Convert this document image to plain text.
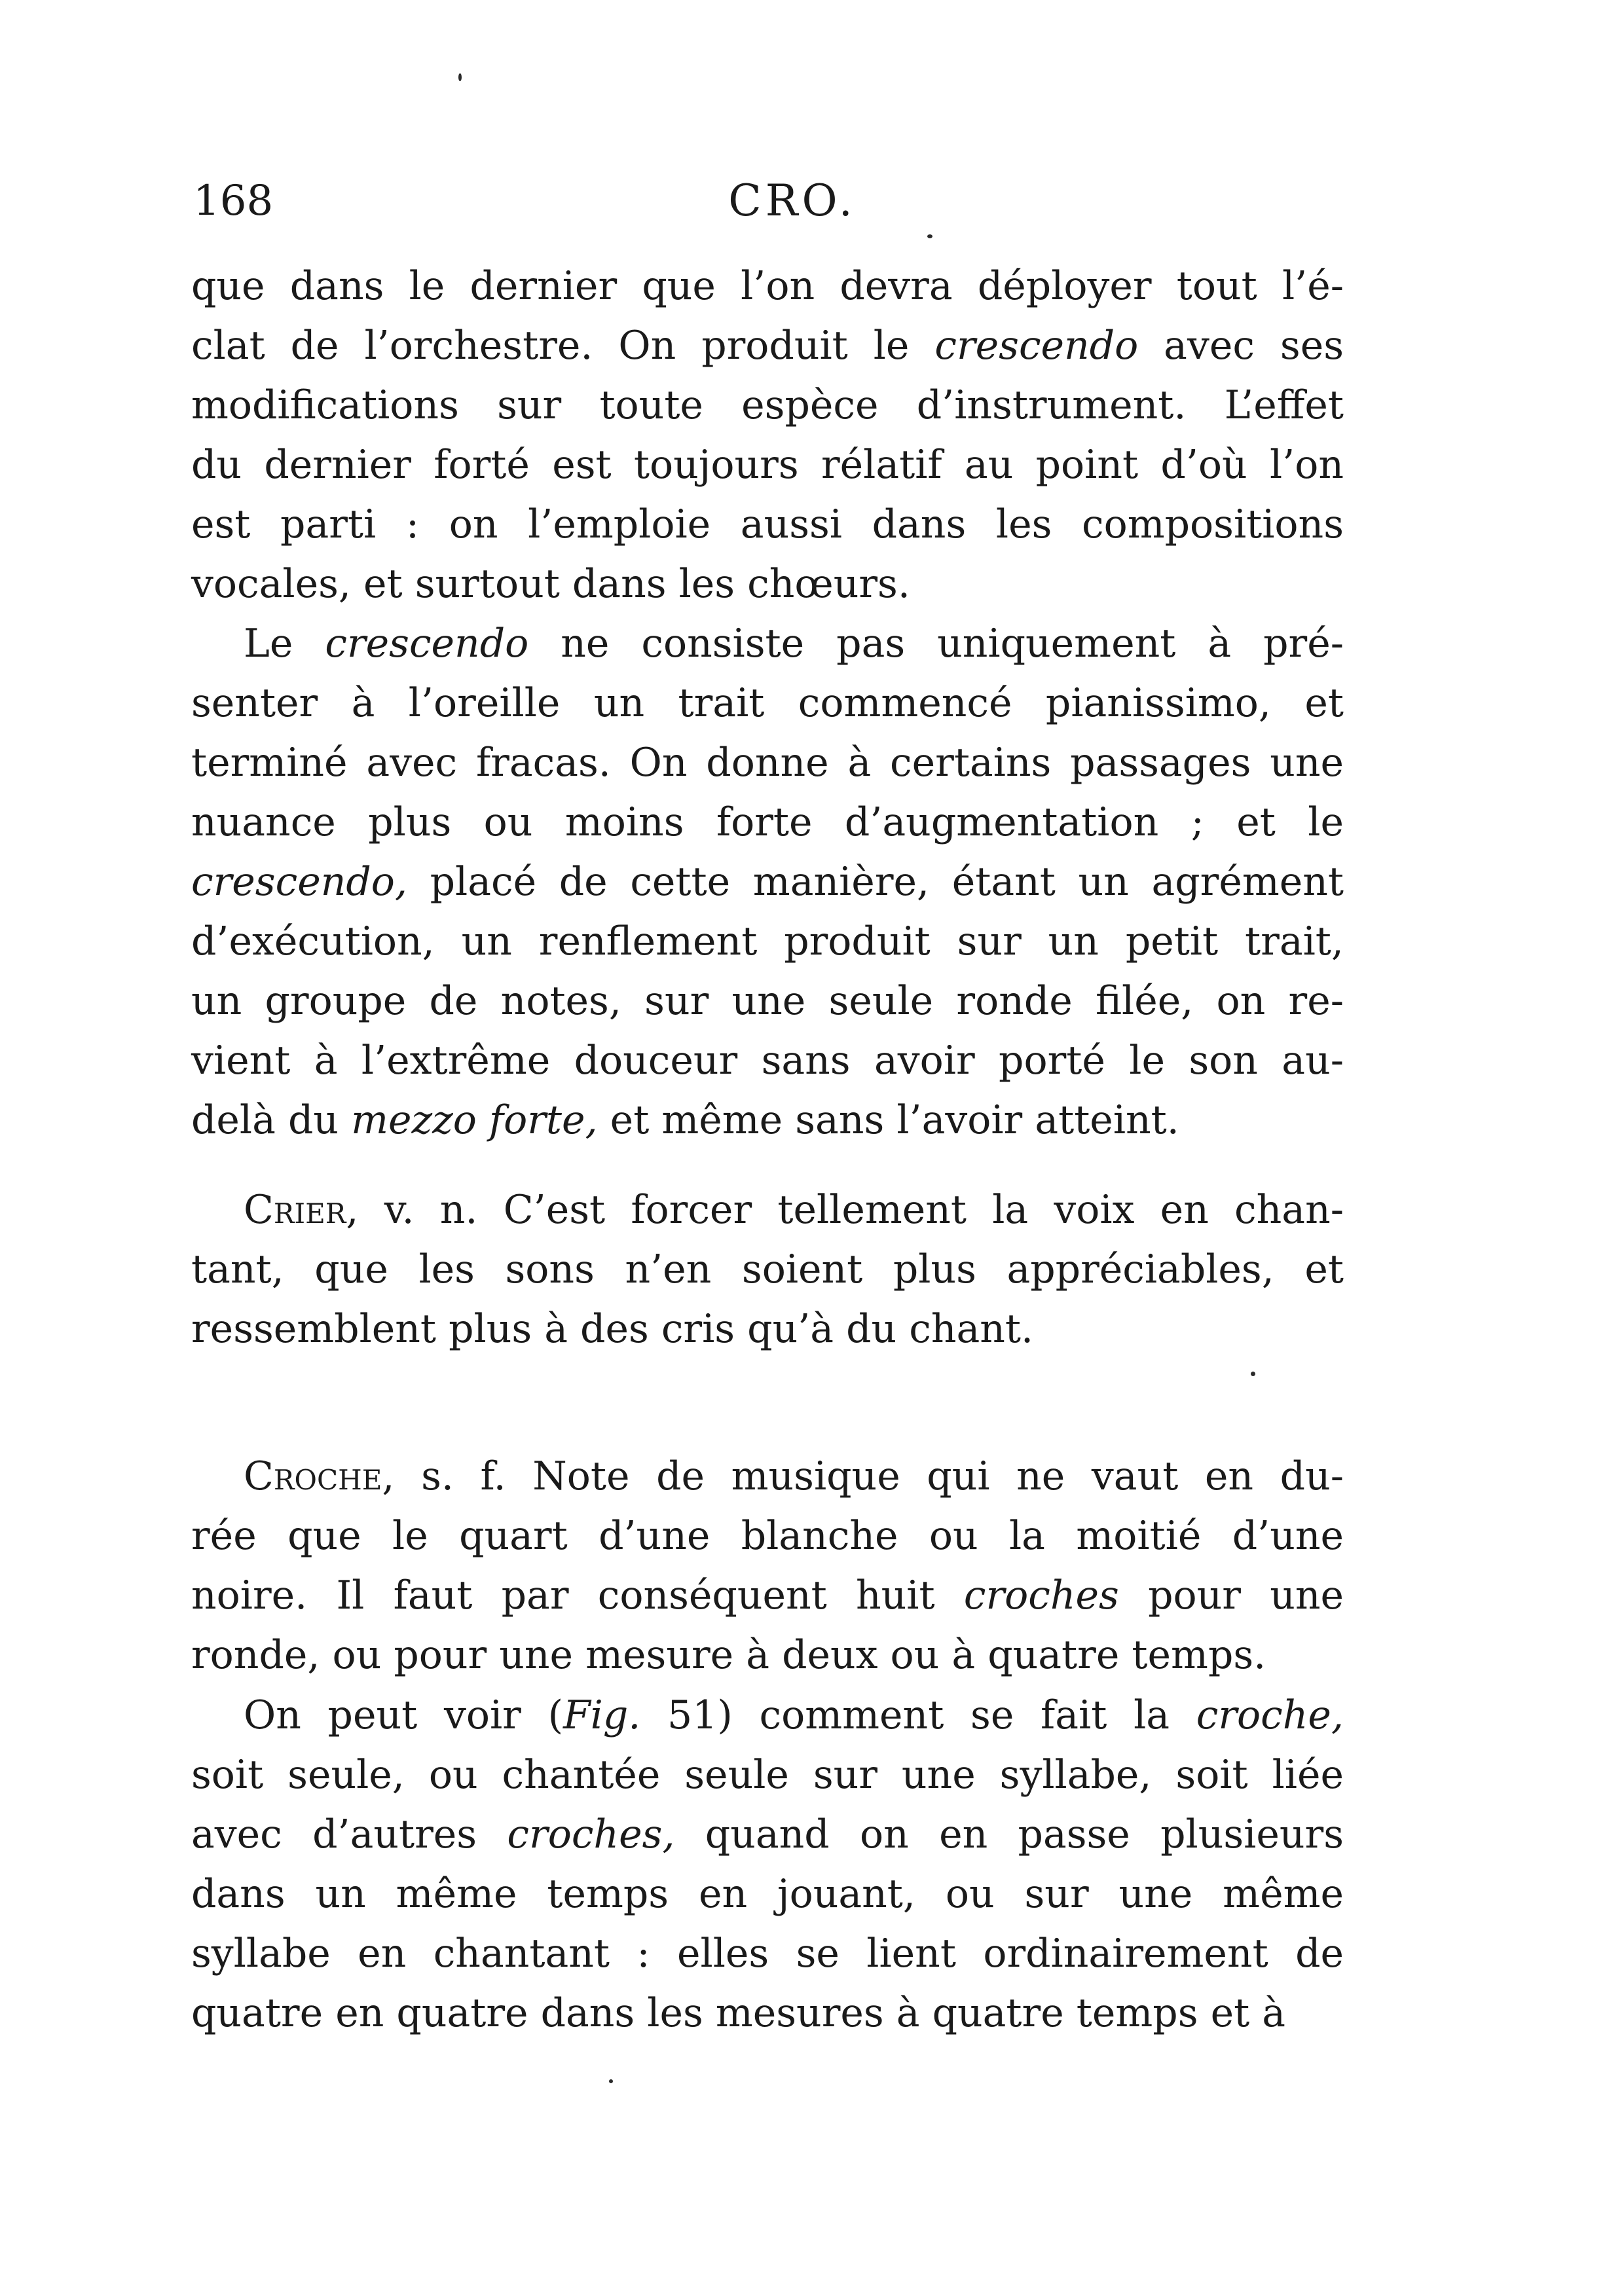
168	CRO.
que dans le dernier que l’on devra déployer tout l’é-
clat de l’orchestre. On produit le crescendo avec ses
modifications sur toute espèce d’instrument. L’effet
du dernier forté est toujours rélatif au point d’où l’on
est parti : on l’emploie aussi dans les compositions
vocales, et surtout dans les chœurs.
Le crescendo ne consiste pas uniquement à pré-
senter à l’oreille un trait commencé pianissimo, et
terminé avec fracas. On donne à certains passages une
nuance plus ou moins forte d’augmentation ; et le
crescendo, placé de cette manière, étant un agrément
d’exécution, un renflement produit sur un petit trait,
un groupe de notes, sur une seule ronde filée, on re-
vient à l’extrême douceur sans avoir porté le son au-
delà du mezzo forte, et même sans l’avoir atteint.
Crier, v. n. C’est forcer tellement la voix en chan-
tant, que les sons n’en soient plus appréciables, et
ressemblent plus à des cris qu’à du chant.
Croche, s. f. Note de musique qui ne vaut en du-
rée que le quart d’une blanche ou la moitié d’une
noire. Il faut par conséquent huit croches pour une
ronde, ou pour une mesure à deux ou à quatre temps.
On peut voir (Fig. 51) comment se fait la croche,
soit seule, ou chantée seule sur une syllabe, soit liée
avec d’autres croches, quand on en passe plusieurs
dans un même temps en jouant, ou sur une même
syllabe en chantant : elles se lient ordinairement de
quatre en quatre dans les mesures à quatre temps et à
